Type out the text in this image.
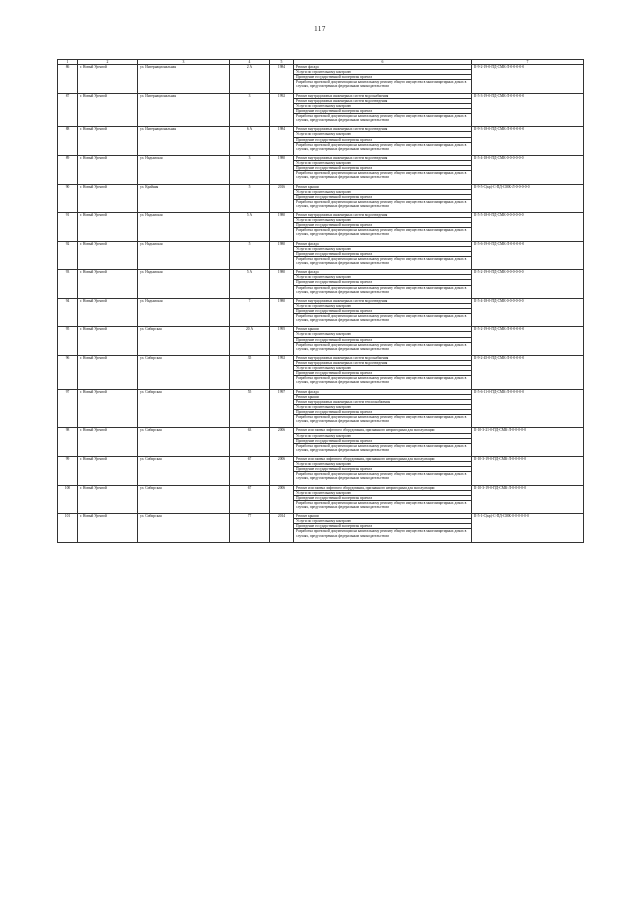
117
1	2	3	4	5	6	7
86	г. Новый Уренгой	ул. Интернациональная	2 А	1984	Ремонт фасада	II-9-2-19-0-ПД-СМК-Л-0-0-0-0-0
					Услуги по строительному контролю	
					Проведение государственной экспертизы проекта	
					Разработка проектной документации на капитальному ремонту общего имущества в многоквартирных домах в случаях, предусмотренных федеральным законодательством	
87	г. Новый Уренгой	ул. Интернациональная	3	1992	Ремонт внутридомовых инженерных систем водоснабжения	II-5-3-19-0-ПД-СМК-Л-0-0-0-0-0
					Ремонт внутридомовых инженерных систем водоотведения	
					Услуги по строительному контролю	
					Проведение государственной экспертизы проекта	
					Разработка проектной документации на капитальному ремонту общего имущества в многоквартирных домах в случаях, предусмотренных федеральным законодательством	
88	г. Новый Уренгой	ул. Интернациональная	6 А	1984	Ремонт внутридомовых инженерных систем водоотведения	II-9-3-18-0-ПД-СМК-Л-0-0-0-0-0
					Услуги по строительному контролю	
					Проведение государственной экспертизы проекта	
					Разработка проектной документации на капитальному ремонту общего имущества в многоквартирных домах в случаях, предусмотренных федеральным законодательством	
89	г. Новый Уренгой	ул. Надымская	3	1980	Ремонт внутридомовых инженерных систем водоотведения	II-5-4-18-0-ПД-СМК-0-0-0-0-0-0
					Услуги по строительному контролю	
					Проведение государственной экспертизы проекта	
					Разработка проектной документации на капитальному ремонту общего имущества в многоквартирных домах в случаях, предусмотренных федеральным законодательством	
90	г. Новый Уренгой	ул. Крайняя	5	2016	Ремонт крыши	II-9-5-С(кр)-С-ПД-СМК-Л-0-0-0-0-0
					Услуги по строительному контролю	
					Проведение государственной экспертизы проекта	
					Разработка проектной документации на капитальному ремонту общего имущества в многоквартирных домах в случаях, предусмотренных федеральным законодательством	
91	г. Новый Уренгой	ул. Надымская	5 А	1980	Ремонт внутридомовых инженерных систем водоотведения	II-5-5-18-0-ПД-СМК-0-0-0-0-0-0
					Услуги по строительному контролю	
					Проведение государственной экспертизы проекта	
					Разработка проектной документации на капитальному ремонту общего имущества в многоквартирных домах в случаях, предусмотренных федеральным законодательством	
92	г. Новый Уренгой	ул. Надымская	5	1980	Ремонт фасада	II-5-6-19-0-ПД-СМК-Л-0-0-0-0-0
					Услуги по строительному контролю	
					Проведение государственной экспертизы проекта	
					Разработка проектной документации на капитальному ремонту общего имущества в многоквартирных домах в случаях, предусмотренных федеральным законодательством	
93	г. Новый Уренгой	ул. Надымская	5 А	1980	Ремонт фасада	II-5-2-19-0-ПД-СМК-0-0-0-0-0-0
					Услуги по строительному контролю	
					Проведение государственной экспертизы проекта	
					Разработка проектной документации на капитальному ремонту общего имущества в многоквартирных домах в случаях, предусмотренных федеральным законодательством	
94	г. Новый Уренгой	ул. Надымская	7	1980	Ремонт внутридомовых инженерных систем водоотведения	II-5-4-18-0-ПД-СМК-0-0-0-0-0-0
					Услуги по строительному контролю	
					Проведение государственной экспертизы проекта	
					Разработка проектной документации на капитальному ремонту общего имущества в многоквартирных домах в случаях, предусмотренных федеральным законодательством	
95	г. Новый Уренгой	ул. Сибирская	20 А	1995	Ремонт крыши	II-5-2-19-0-ПД-СМК-Л-0-0-0-0-0
					Услуги по строительному контролю	
					Проведение государственной экспертизы проекта	
					Разработка проектной документации на капитальному ремонту общего имущества в многоквартирных домах в случаях, предусмотренных федеральным законодательством	
96	г. Новый Уренгой	ул. Сибирская	35	1992	Ремонт внутридомовых инженерных систем водоснабжения	II-9-2-45-0-ПД-СМК-Л-0-0-0-0-0
					Ремонт внутридомовых инженерных систем водоотведения	
					Услуги по строительному контролю	
					Проведение государственной экспертизы проекта	
					Разработка проектной документации на капитальному ремонту общего имущества в многоквартирных домах в случаях, предусмотренных федеральным законодательством	
97	г. Новый Уренгой	ул. Сибирская	55	1997	Ремонт фасада	II-5-6-11-0-ПД-СМК-Л-0-0-0-0-0
					Ремонт крыши	
					Ремонт внутридомовых инженерных систем теплоснабжения	
					Услуги по строительному контролю	
					Проведение государственной экспертизы проекта	
					Разработка проектной документации на капитальному ремонту общего имущества в многоквартирных домах в случаях, предусмотренных федеральным законодательством	
98	г. Новый Уренгой	ул. Сибирская	63	2006	Ремонт или замена лифтового оборудования, признанного непригодным для эксплуатации	II-10-3-21-0-ПД-СМК-Л-0-0-0-0-0
					Услуги по строительному контролю	
					Проведение государственной экспертизы проекта	
					Разработка проектной документации на капитальному ремонту общего имущества в многоквартирных домах в случаях, предусмотренных федеральным законодательством	
99	г. Новый Уренгой	ул. Сибирская	67	2006	Ремонт или замена лифтового оборудования, признанного непригодным для эксплуатации	II-10-3-19-0-ПД-СМК-Л-0-0-0-0-0
					Услуги по строительному контролю	
					Проведение государственной экспертизы проекта	
					Разработка проектной документации на капитальному ремонту общего имущества в многоквартирных домах в случаях, предусмотренных федеральным законодательством	
100	г. Новый Уренгой	ул. Сибирская	67	2006	Ремонт или замена лифтового оборудования, признанного непригодным для эксплуатации	II-10-3-19-0-ПД-СМК-Л-0-0-0-0-0
					Услуги по строительному контролю	
					Проведение государственной экспертизы проекта	
					Разработка проектной документации на капитальному ремонту общего имущества в многоквартирных домах в случаях, предусмотренных федеральным законодательством	
101	г. Новый Уренгой	ул. Сибирская	77	2014	Ремонт крыши	II-5-1-С(кр)-С-ПД-СМК-0-0-0-0-0-0
					Услуги по строительному контролю	
					Проведение государственной экспертизы проекта	
					Разработка проектной документации на капитальному ремонту общего имущества в многоквартирных домах в случаях, предусмотренных федеральным законодательством	
